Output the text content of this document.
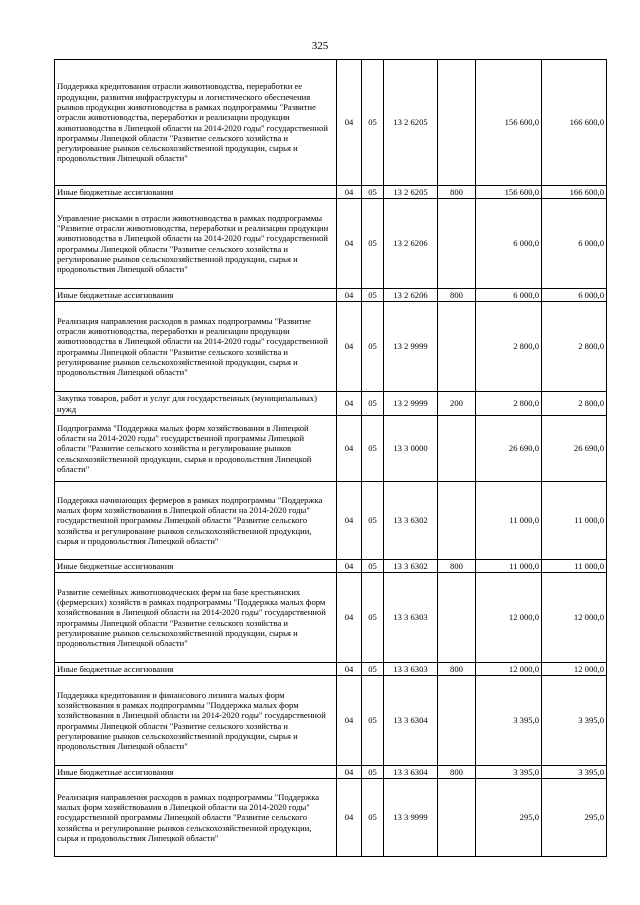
325
Поддержка кредитования отрасли животноводства, переработки ее продукции, развития инфраструктуры и логистического обеспечения рынков продукции животноводства в рамках подпрограммы "Развитие отрасли животноводства, переработки и реализации продукции животноводства в Липецкой области на 2014-2020 годы" государственной программы Липецкой области "Развитие сельского хозяйства и регулирование рынков сельскохозяйственной продукции, сырья и продовольствия Липецкой области"	04	05	13 2 6205		156 600,0	166 600,0
Иные бюджетные ассигнования	04	05	13 2 6205	800	156 600,0	166 600,0
Управление рисками в отрасли животноводства в рамках подпрограммы "Развитие отрасли животноводства, переработки и реализации продукции животноводства в Липецкой области на 2014-2020 годы" государственной программы Липецкой области "Развитие сельского хозяйства и регулирование рынков сельскохозяйственной продукции, сырья и продовольствия Липецкой области"	04	05	13 2 6206		6 000,0	6 000,0
Иные бюджетные ассигнования	04	05	13 2 6206	800	6 000,0	6 000,0
Реализация направления расходов в рамках подпрограммы "Развитие отрасли животноводства, переработки и реализации продукции животноводства в Липецкой области на 2014-2020 годы" государственной программы Липецкой области "Развитие сельского хозяйства и регулирование рынков сельскохозяйственной продукции, сырья и продовольствия Липецкой области"	04	05	13 2 9999		2 800,0	2 800,0
Закупка товаров, работ и услуг для государственных (муниципальных) нужд	04	05	13 2 9999	200	2 800,0	2 800,0
Подпрограмма "Поддержка малых форм хозяйствования в Липецкой области на 2014-2020 годы" государственной программы Липецкой области "Развитие сельского хозяйства и регулирование рынков сельскохозяйственной продукции, сырья и продовольствия Липецкой области"	04	05	13 3 0000		26 690,0	26 690,0
Поддержка начинающих фермеров в рамках подпрограммы "Поддержка малых форм хозяйствования в Липецкой области на 2014-2020 годы" государственной программы Липецкой области "Развитие сельского хозяйства и регулирование рынков сельскохозяйственной продукции, сырья и продовольствия Липецкой области"	04	05	13 3 6302		11 000,0	11 000,0
Иные бюджетные ассигнования	04	05	13 3 6302	800	11 000,0	11 000,0
Развитие семейных животноводческих ферм на базе крестьянских (фермерских) хозяйств в рамках подпрограммы "Поддержка малых форм хозяйствования в Липецкой области на 2014-2020 годы" государственной программы Липецкой области "Развитие сельского хозяйства и регулирование рынков сельскохозяйственной продукции, сырья и продовольствия Липецкой области"	04	05	13 3 6303		12 000,0	12 000,0
Иные бюджетные ассигнования	04	05	13 3 6303	800	12 000,0	12 000,0
Поддержка кредитования и финансового лизинга малых форм хозяйствования в рамках подпрограммы "Поддержка малых форм хозяйствования в Липецкой области на 2014-2020 годы" государственной программы Липецкой области "Развитие сельского хозяйства и регулирование рынков сельскохозяйственной продукции, сырья и продовольствия Липецкой области"	04	05	13 3 6304		3 395,0	3 395,0
Иные бюджетные ассигнования	04	05	13 3 6304	800	3 395,0	3 395,0
Реализация направления расходов в рамках подпрограммы "Поддержка малых форм хозяйствования в Липецкой области на 2014-2020 годы" государственной программы Липецкой области "Развитие сельского хозяйства и регулирование рынков сельскохозяйственной продукции, сырья и продовольствия Липецкой области"	04	05	13 3 9999		295,0	295,0
